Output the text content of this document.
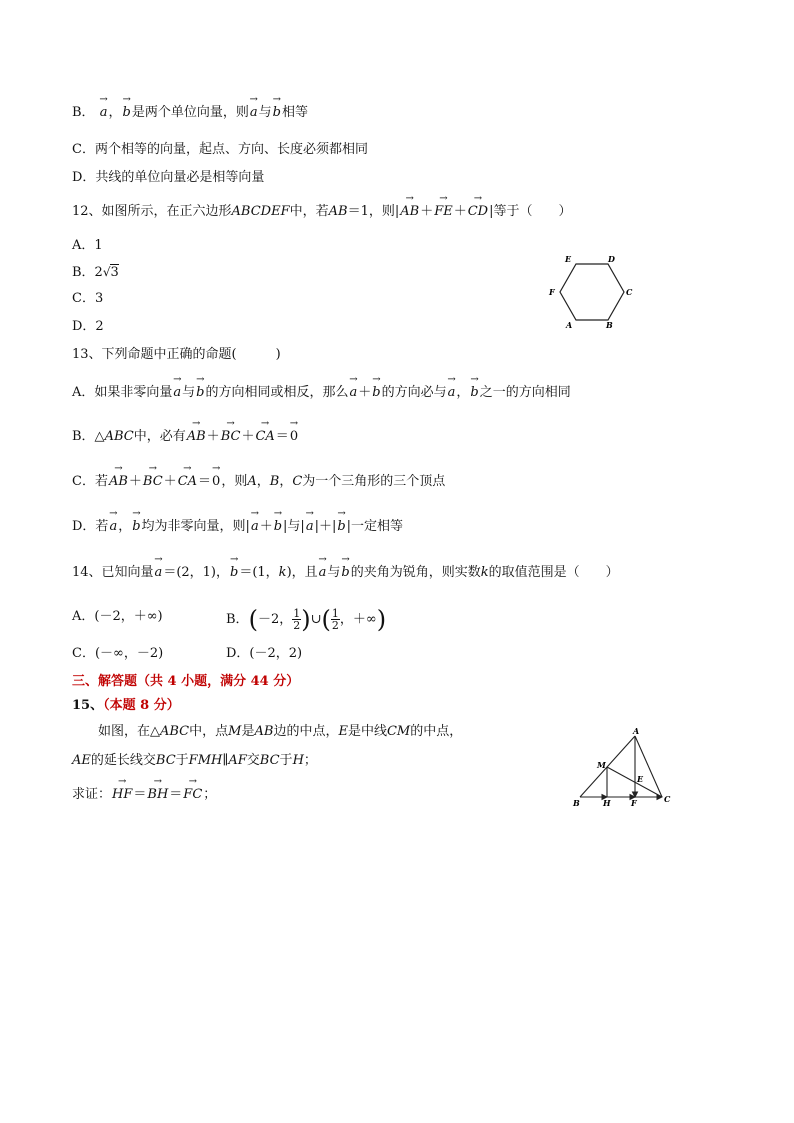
B． → a，→ b是两个单位向量，则→ a与→ b相等
C．两个相等的向量，起点、方向、长度必须都相同
D．共线的单位向量必是相等向量
12、如图所示，在正六边形ABCDEF中，若AB＝1，则|→ AB＋→ FE＋→ CD|等于（　　）
A．1
B．2√3
C．3
D．2
E	D
F	C
A	B
13、下列命题中正确的命题(　　　)
A．如果非零向量→ a与→ b的方向相同或相反，那么→ a＋→ b的方向必与→ a，→ b之一的方向相同
B．△ABC中，必有→ AB＋→ BC＋→ CA＝→ 0
C．若→ AB＋→ BC＋→ CA＝→ 0，则A，B，C为一个三角形的三个顶点
D．若→ a，→ b均为非零向量，则|→ a＋→ b|与|→ a|＋|→ b|一定相等
14、已知向量→ a＝(2，1)，→ b＝(1，k)，且→ a与→ b的夹角为锐角，则实数k的取值范围是（　　）
A．(－2，＋∞)	B．(－2， $\frac{1}{2}$ )∪( $\frac{1}{2}$ ，＋∞)
C．(－∞，－2)	D．(－2，2)
三、解答题（共 4 小题，满分 44 分）
15、（本题 8 分）
如图，在△ABC中，点M是AB边的中点，E是中线CM的中点，
AE的延长线交BC于FMH∥AF交BC于H；
求证：→ HF＝→ BH＝→ FC；
A
M
E
B	H	F	C
